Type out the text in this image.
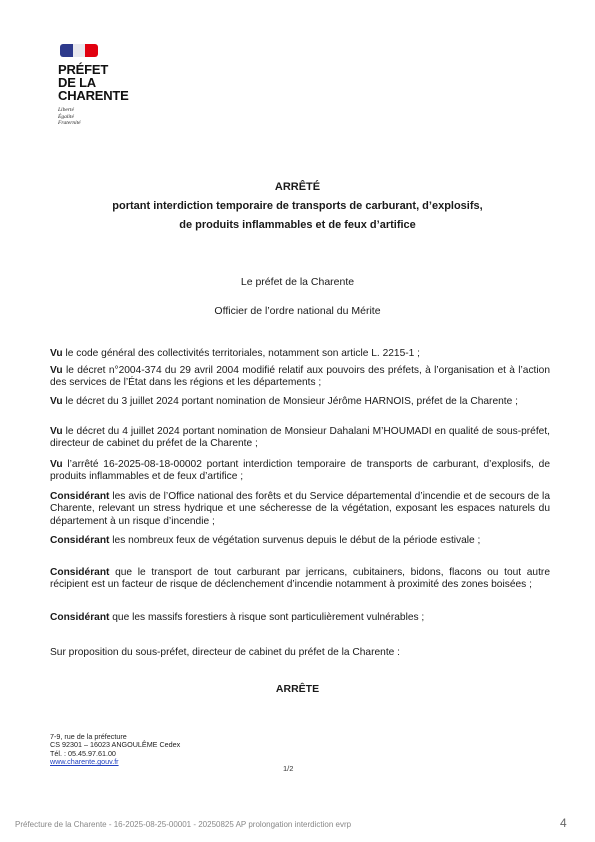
PRÉFET
DE LA
CHARENTE
Liberté
Égalité
Fraternité
ARRÊTÉ
portant interdiction temporaire de transports de carburant, d’explosifs,
de produits inflammables et de feux d’artifice
Le préfet de la Charente
Officier de l’ordre national du Mérite
Vu le code général des collectivités territoriales, notamment son article L. 2215-1 ;
Vu le décret n°2004-374 du 29 avril 2004 modifié relatif aux pouvoirs des préfets, à l’organisation et à l’action des services de l’État dans les régions et les départements ;
Vu le décret du 3 juillet 2024 portant nomination de Monsieur Jérôme HARNOIS, préfet de la Charente ;
Vu le décret du 4 juillet 2024 portant nomination de Monsieur Dahalani M’HOUMADI en qualité de sous-préfet, directeur de cabinet du préfet de la Charente ;
Vu l’arrêté 16-2025-08-18-00002 portant interdiction temporaire de transports de carburant, d’explosifs, de produits inflammables et de feux d’artifice ;
Considérant les avis de l’Office national des forêts et du Service départemental d’incendie et de secours de la Charente, relevant un stress hydrique et une sécheresse de la végétation, exposant les espaces naturels du département à un risque d’incendie ;
Considérant les nombreux feux de végétation survenus depuis le début de la période estivale ;
Considérant que le transport de tout carburant par jerricans, cubitainers, bidons, flacons ou tout autre récipient est un facteur de risque de déclenchement d’incendie notamment à proximité des zones boisées ;
Considérant que les massifs forestiers à risque sont particulièrement vulnérables ;
Sur proposition du sous-préfet, directeur de cabinet du préfet de la Charente :
ARRÊTE
7-9, rue de la préfecture
CS 92301 – 16023 ANGOULÊME Cedex
Tél. : 05.45.97.61.00
www.charente.gouv.fr
1/2
Préfecture de la Charente - 16-2025-08-25-00001 - 20250825 AP prolongation interdiction evrp	4
